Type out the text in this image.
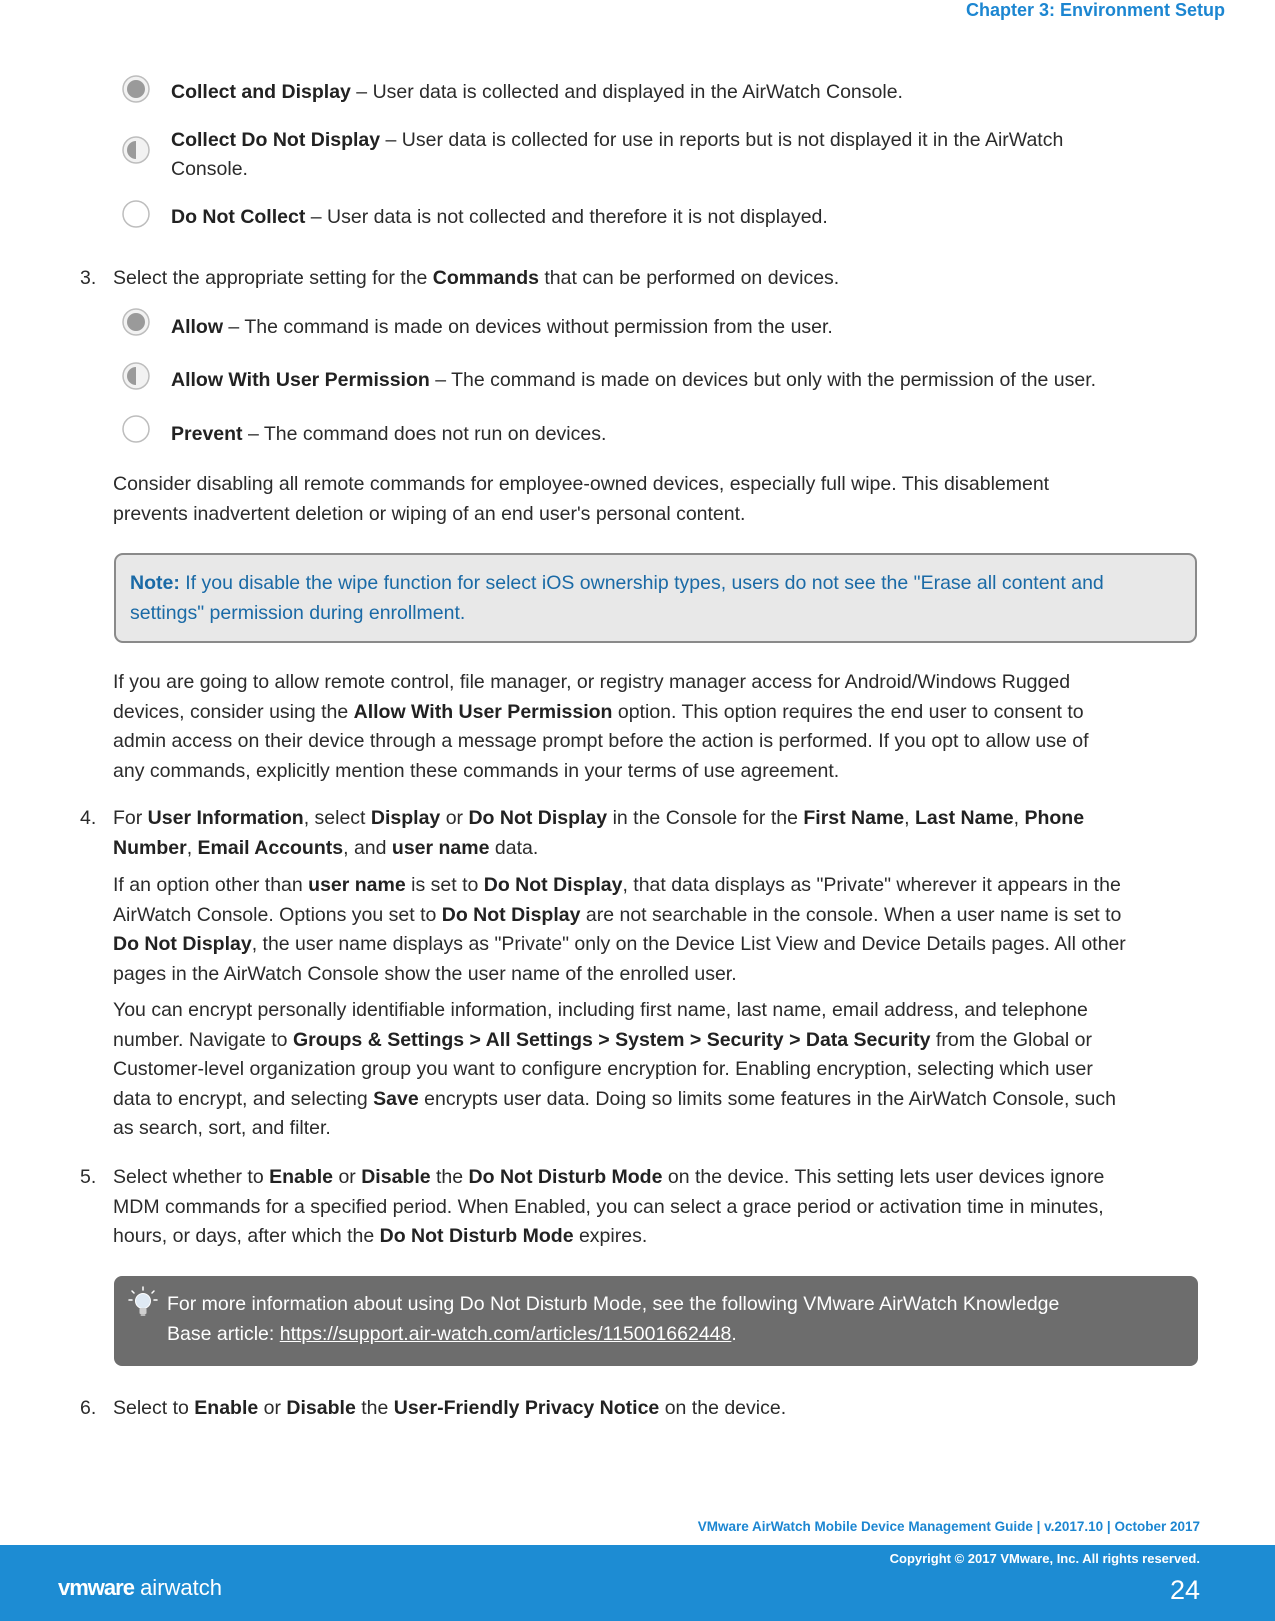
Chapter 3: Environment Setup
Collect and Display – User data is collected and displayed in the AirWatch Console.
Collect Do Not Display – User data is collected for use in reports but is not displayed it in the AirWatch
Console.
Do Not Collect – User data is not collected and therefore it is not displayed.
3. Select the appropriate setting for the Commands that can be performed on devices.
Allow – The command is made on devices without permission from the user.
Allow With User Permission – The command is made on devices but only with the permission of the user.
Prevent – The command does not run on devices.
Consider disabling all remote commands for employee-owned devices, especially full wipe. This disablement
prevents inadvertent deletion or wiping of an end user's personal content.
Note: If you disable the wipe function for select iOS ownership types, users do not see the "Erase all content and
settings" permission during enrollment.
If you are going to allow remote control, file manager, or registry manager access for Android/Windows Rugged
devices, consider using the Allow With User Permission option. This option requires the end user to consent to
admin access on their device through a message prompt before the action is performed. If you opt to allow use of
any commands, explicitly mention these commands in your terms of use agreement.
4. For User Information, select Display or Do Not Display in the Console for the First Name, Last Name, Phone
Number, Email Accounts, and user name data.
If an option other than user name is set to Do Not Display, that data displays as "Private" wherever it appears in the
AirWatch Console. Options you set to Do Not Display are not searchable in the console. When a user name is set to
Do Not Display, the user name displays as "Private" only on the Device List View and Device Details pages. All other
pages in the AirWatch Console show the user name of the enrolled user.
You can encrypt personally identifiable information, including first name, last name, email address, and telephone
number. Navigate to Groups & Settings > All Settings > System > Security > Data Security from the Global or
Customer-level organization group you want to configure encryption for. Enabling encryption, selecting which user
data to encrypt, and selecting Save encrypts user data. Doing so limits some features in the AirWatch Console, such
as search, sort, and filter.
5. Select whether to Enable or Disable the Do Not Disturb Mode on the device. This setting lets user devices ignore
MDM commands for a specified period. When Enabled, you can select a grace period or activation time in minutes,
hours, or days, after which the Do Not Disturb Mode expires.
For more information about using Do Not Disturb Mode, see the following VMware AirWatch Knowledge
Base article: https://support.air-watch.com/articles/115001662448.
6. Select to Enable or Disable the User-Friendly Privacy Notice on the device.
VMware AirWatch Mobile Device Management Guide | v.2017.10 | October 2017
Copyright © 2017 VMware, Inc. All rights reserved.
24
vmware airwatch
